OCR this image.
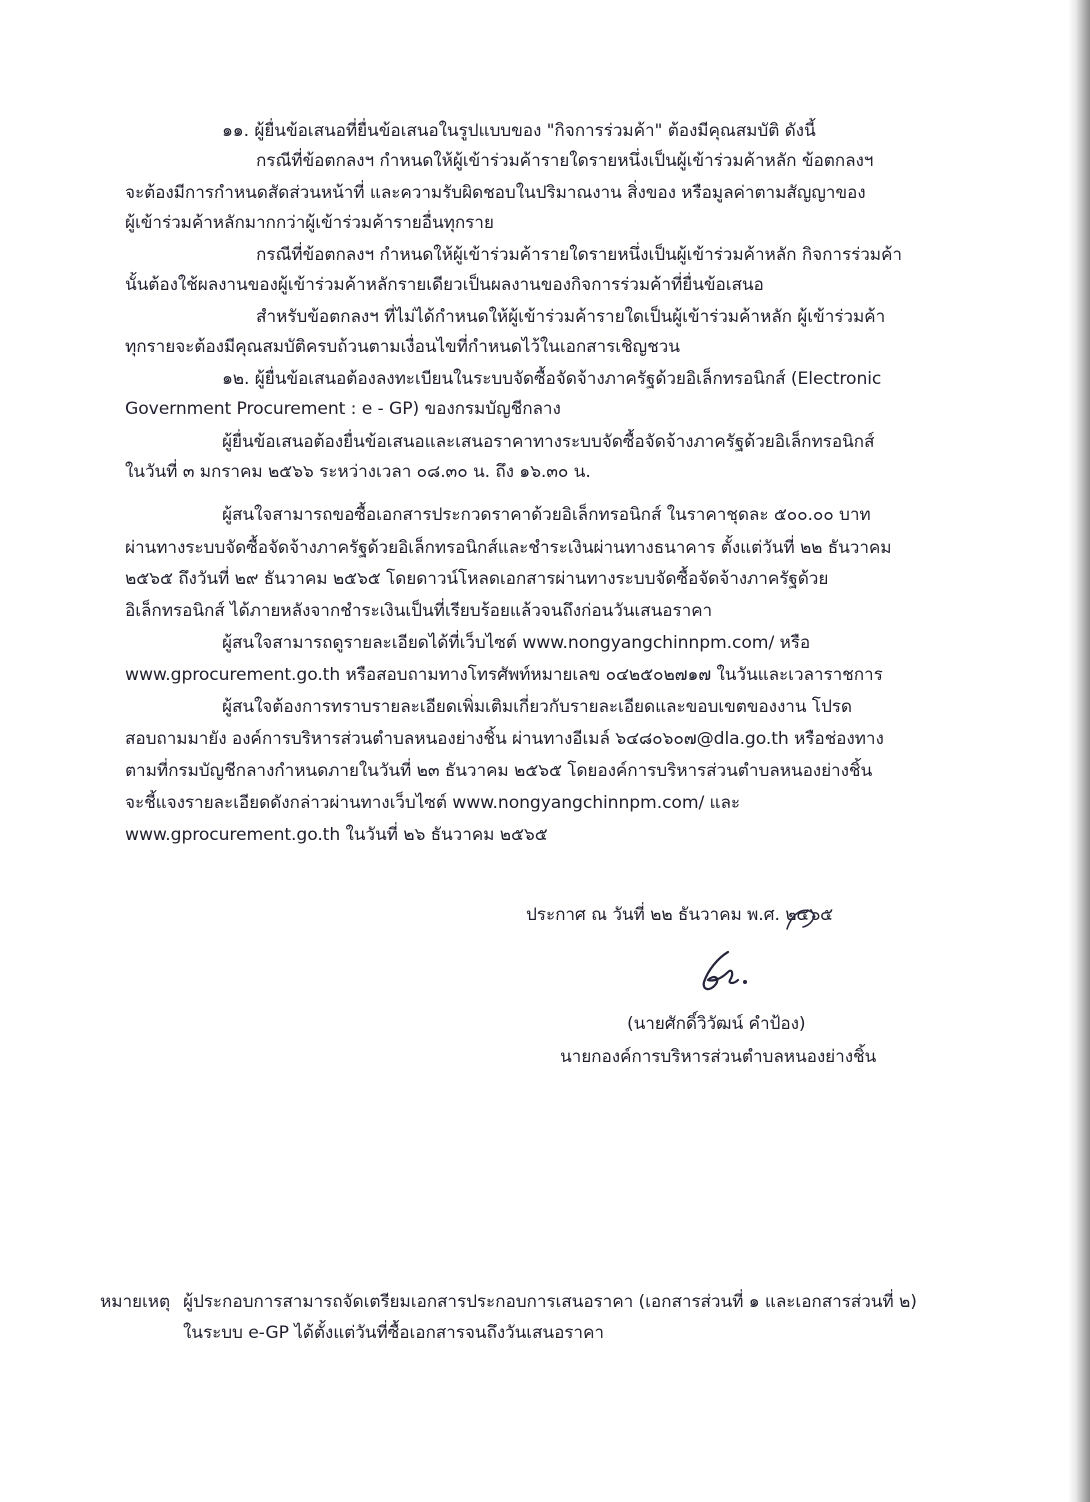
๑๑. ผู้ยื่นข้อเสนอที่ยื่นข้อเสนอในรูปแบบของ "กิจการร่วมค้า" ต้องมีคุณสมบัติ ดังนี้
กรณีที่ข้อตกลงฯ กำหนดให้ผู้เข้าร่วมค้ารายใดรายหนึ่งเป็นผู้เข้าร่วมค้าหลัก ข้อตกลงฯ
จะต้องมีการกำหนดสัดส่วนหน้าที่ และความรับผิดชอบในปริมาณงาน สิ่งของ หรือมูลค่าตามสัญญาของ
ผู้เข้าร่วมค้าหลักมากกว่าผู้เข้าร่วมค้ารายอื่นทุกราย
กรณีที่ข้อตกลงฯ กำหนดให้ผู้เข้าร่วมค้ารายใดรายหนึ่งเป็นผู้เข้าร่วมค้าหลัก กิจการร่วมค้า
นั้นต้องใช้ผลงานของผู้เข้าร่วมค้าหลักรายเดียวเป็นผลงานของกิจการร่วมค้าที่ยื่นข้อเสนอ
สำหรับข้อตกลงฯ ที่ไม่ได้กำหนดให้ผู้เข้าร่วมค้ารายใดเป็นผู้เข้าร่วมค้าหลัก ผู้เข้าร่วมค้า
ทุกรายจะต้องมีคุณสมบัติครบถ้วนตามเงื่อนไขที่กำหนดไว้ในเอกสารเชิญชวน
๑๒. ผู้ยื่นข้อเสนอต้องลงทะเบียนในระบบจัดซื้อจัดจ้างภาครัฐด้วยอิเล็กทรอนิกส์ (Electronic
Government Procurement : e - GP) ของกรมบัญชีกลาง
ผู้ยื่นข้อเสนอต้องยื่นข้อเสนอและเสนอราคาทางระบบจัดซื้อจัดจ้างภาครัฐด้วยอิเล็กทรอนิกส์
ในวันที่ ๓ มกราคม ๒๕๖๖ ระหว่างเวลา ๐๘.๓๐ น. ถึง ๑๖.๓๐ น.
ผู้สนใจสามารถขอซื้อเอกสารประกวดราคาด้วยอิเล็กทรอนิกส์ ในราคาชุดละ ๕๐๐.๐๐ บาท
ผ่านทางระบบจัดซื้อจัดจ้างภาครัฐด้วยอิเล็กทรอนิกส์และชำระเงินผ่านทางธนาคาร ตั้งแต่วันที่ ๒๒ ธันวาคม
๒๕๖๕ ถึงวันที่ ๒๙ ธันวาคม ๒๕๖๕ โดยดาวน์โหลดเอกสารผ่านทางระบบจัดซื้อจัดจ้างภาครัฐด้วย
อิเล็กทรอนิกส์ ได้ภายหลังจากชำระเงินเป็นที่เรียบร้อยแล้วจนถึงก่อนวันเสนอราคา
ผู้สนใจสามารถดูรายละเอียดได้ที่เว็บไซต์ www.nongyangchinnpm.com/ หรือ
www.gprocurement.go.th หรือสอบถามทางโทรศัพท์หมายเลข ๐๔๒๕๐๒๗๑๗ ในวันและเวลาราชการ
ผู้สนใจต้องการทราบรายละเอียดเพิ่มเติมเกี่ยวกับรายละเอียดและขอบเขตของงาน โปรด
สอบถามมายัง องค์การบริหารส่วนตำบลหนองย่างชิ้น ผ่านทางอีเมล์ ๖๔๘๐๖๐๗@dla.go.th หรือช่องทาง
ตามที่กรมบัญชีกลางกำหนดภายในวันที่ ๒๓ ธันวาคม ๒๕๖๕ โดยองค์การบริหารส่วนตำบลหนองย่างชิ้น
จะชี้แจงรายละเอียดดังกล่าวผ่านทางเว็บไซต์ www.nongyangchinnpm.com/ และ
www.gprocurement.go.th ในวันที่ ๒๖ ธันวาคม ๒๕๖๕
ประกาศ ณ วันที่ ๒๒ ธันวาคม พ.ศ. ๒๕๖๕
(นายศักดิ์วิวัฒน์ คำป้อง)
นายกองค์การบริหารส่วนตำบลหนองย่างชิ้น
หมายเหตุ ผู้ประกอบการสามารถจัดเตรียมเอกสารประกอบการเสนอราคา (เอกสารส่วนที่ ๑ และเอกสารส่วนที่ ๒)
ในระบบ e-GP ได้ตั้งแต่วันที่ซื้อเอกสารจนถึงวันเสนอราคา
